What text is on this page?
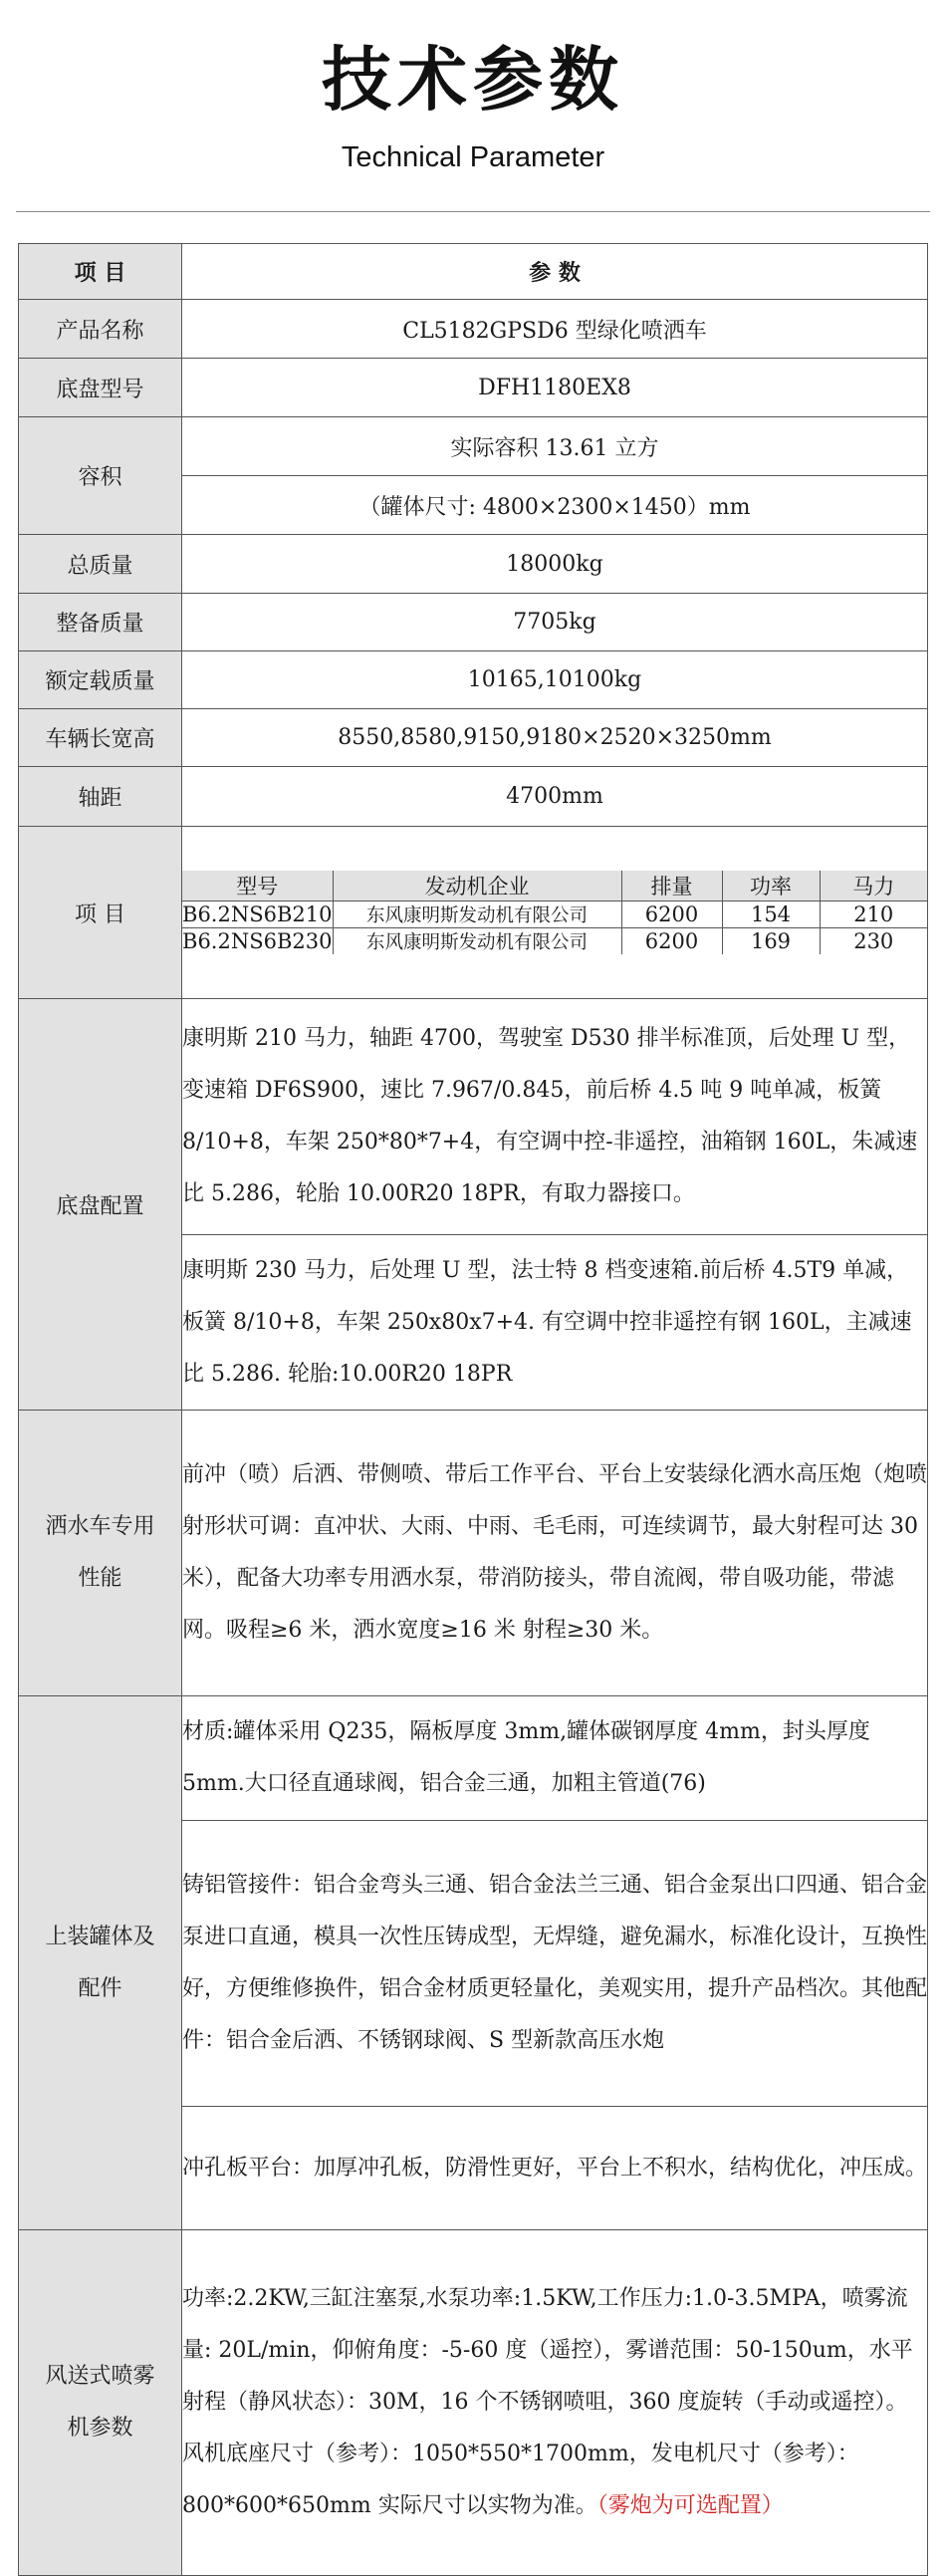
技术参数
Technical Parameter
项 目	参 数
产品名称	CL5182GPSD6 型绿化喷洒车
底盘型号	DFH1180EX8
容积	实际容积 13.61 立方
（罐体尺寸: 4800×2300×1450）mm
总质量	18000kg
整备质量	7705kg
额定载质量	10165,10100kg
车辆长宽高	8550,8580,9150,9180×2520×3250mm
轴距	4700mm
项 目	
型号	发动机企业	排量	功率	马力
B6.2NS6B210	东风康明斯发动机有限公司	6200	154	210
B6.2NS6B230	东风康明斯发动机有限公司	6200	169	230

底盘配置	康明斯 210 马力，轴距 4700，驾驶室 D530 排半标准顶，后处理 U 型，变速箱 DF6S900，速比 7.967/0.845，前后桥 4.5 吨 9 吨单减，板簧 8/10+8，车架 250*80*7+4，有空调中控-非遥控，油箱钢 160L，朱减速比 5.286，轮胎 10.00R20 18PR，有取力器接口。
康明斯 230 马力，后处理 U 型，法士特 8 档变速箱.前后桥 4.5T9 单减，板簧 8/10+8，车架 250x80x7+4. 有空调中控非遥控有钢 160L，主减速比 5.286. 轮胎:10.00R20 18PR

洒水车专用性能
	前冲（喷）后洒、带侧喷、带后工作平台、平台上安装绿化洒水高压炮（炮喷射形状可调：直冲状、大雨、中雨、毛毛雨，可连续调节，最大射程可达 30 米），配备大功率专用洒水泵，带消防接头，带自流阀，带自吸功能，带滤网。吸程≥6 米，洒水宽度≥16 米 射程≥30 米。

上装罐体及配件
	材质:罐体采用 Q235，隔板厚度 3mm,罐体碳钢厚度 4mm，封头厚度 5mm.大口径直通球阀，铝合金三通，加粗主管道(76)
铸铝管接件：铝合金弯头三通、铝合金法兰三通、铝合金泵出口四通、铝合金泵进口直通，模具一次性压铸成型，无焊缝，避免漏水，标准化设计，互换性好，方便维修换件，铝合金材质更轻量化，美观实用，提升产品档次。其他配件：铝合金后洒、不锈钢球阀、S 型新款高压水炮
冲孔板平台：加厚冲孔板，防滑性更好，平台上不积水，结构优化，冲压成。

风送式喷雾机参数
	功率:2.2KW,三缸注塞泵,水泵功率:1.5KW,工作压力:1.0-3.5MPA，喷雾流量: 20L/min，仰俯角度：-5-60 度（遥控），雾谱范围：50-150um，水平射程（静风状态）：30M，16 个不锈钢喷咀，360 度旋转（手动或遥控）。风机底座尺寸（参考）：1050*550*1700mm，发电机尺寸（参考）：800*600*650mm 实际尺寸以实物为准。（雾炮为可选配置）
